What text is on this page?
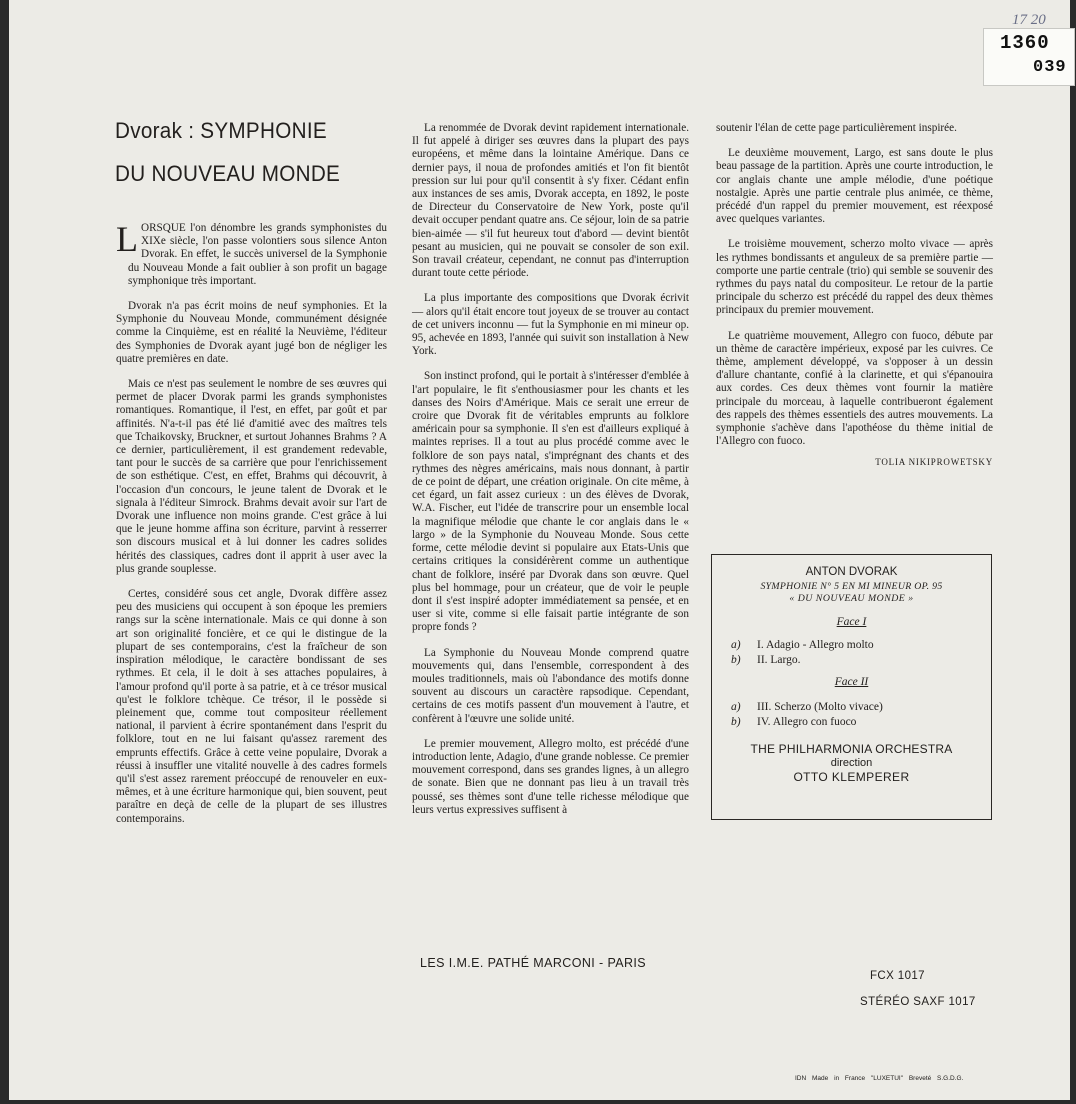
17 20
1360
039
Dvorak : SYMPHONIE
DU NOUVEAU MONDE

LORSQUE l'on dénombre les grands symphonistes du XIXe siècle, l'on passe volontiers sous silence Anton Dvorak. En effet, le succès universel de la Symphonie du Nouveau Monde a fait oublier à son profit un bagage symphonique très important.

Dvorak n'a pas écrit moins de neuf symphonies. Et la Symphonie du Nouveau Monde, communément désignée comme la Cinquième, est en réalité la Neuvième, l'éditeur des Symphonies de Dvorak ayant jugé bon de négliger les quatre premières en date.

Mais ce n'est pas seulement le nombre de ses œuvres qui permet de placer Dvorak parmi les grands symphonistes romantiques. Romantique, il l'est, en effet, par goût et par affinités. N'a-t-il pas été lié d'amitié avec des maîtres tels que Tchaikovsky, Bruckner, et surtout Johannes Brahms ? A ce dernier, particulièrement, il est grandement redevable, tant pour le succès de sa carrière que pour l'enrichissement de son esthétique. C'est, en effet, Brahms qui découvrit, à l'occasion d'un concours, le jeune talent de Dvorak et le signala à l'éditeur Simrock. Brahms devait avoir sur l'art de Dvorak une influence non moins grande. C'est grâce à lui que le jeune homme affina son écriture, parvint à resserrer son discours musical et à lui donner les cadres solides hérités des classiques, cadres dont il apprit à user avec la plus grande souplesse.

Certes, considéré sous cet angle, Dvorak diffère assez peu des musiciens qui occupent à son époque les premiers rangs sur la scène internationale. Mais ce qui donne à son art son originalité foncière, et ce qui le distingue de la plupart de ses contemporains, c'est la fraîcheur de son inspiration mélodique, le caractère bondissant de ses rythmes. Et cela, il le doit à ses attaches populaires, à l'amour profond qu'il porte à sa patrie, et à ce trésor musical qu'est le folklore tchèque. Ce trésor, il le possède si pleinement que, comme tout compositeur réellement national, il parvient à écrire spontanément dans l'esprit du folklore, tout en ne lui faisant qu'assez rarement des emprunts effectifs. Grâce à cette veine populaire, Dvorak a réussi à insuffler une vitalité nouvelle à des cadres formels qu'il s'est assez rarement préoccupé de renouveler en eux-mêmes, et à une écriture harmonique qui, bien souvent, peut paraître en deçà de celle de la plupart de ses illustres contemporains.

La renommée de Dvorak devint rapidement internationale. Il fut appelé à diriger ses œuvres dans la plupart des pays européens, et même dans la lointaine Amérique. Dans ce dernier pays, il noua de profondes amitiés et l'on fit bientôt pression sur lui pour qu'il consentit à s'y fixer. Cédant enfin aux instances de ses amis, Dvorak accepta, en 1892, le poste de Directeur du Conservatoire de New York, poste qu'il devait occuper pendant quatre ans. Ce séjour, loin de sa patrie bien-aimée — s'il fut heureux tout d'abord — devint bientôt pesant au musicien, qui ne pouvait se consoler de son exil. Son travail créateur, cependant, ne connut pas d'interruption durant toute cette période.

La plus importante des compositions que Dvorak écrivit — alors qu'il était encore tout joyeux de se trouver au contact de cet univers inconnu — fut la Symphonie en mi mineur op. 95, achevée en 1893, l'année qui suivit son installation à New York.

Son instinct profond, qui le portait à s'intéresser d'emblée à l'art populaire, le fit s'enthousiasmer pour les chants et les danses des Noirs d'Amérique. Mais ce serait une erreur de croire que Dvorak fit de véritables emprunts au folklore américain pour sa symphonie. Il s'en est d'ailleurs expliqué à maintes reprises. Il a tout au plus procédé comme avec le folklore de son pays natal, s'imprégnant des chants et des rythmes des nègres américains, mais nous donnant, à partir de ce point de départ, une création originale. On cite même, à cet égard, un fait assez curieux : un des élèves de Dvorak, W.A. Fischer, eut l'idée de transcrire pour un ensemble local la magnifique mélodie que chante le cor anglais dans le « largo » de la Symphonie du Nouveau Monde. Sous cette forme, cette mélodie devint si populaire aux Etats-Unis que certains critiques la considérèrent comme un authentique chant de folklore, inséré par Dvorak dans son œuvre. Quel plus bel hommage, pour un créateur, que de voir le peuple dont il s'est inspiré adopter immédiatement sa pensée, et en user si vite, comme si elle faisait partie intégrante de son propre fonds ?

La Symphonie du Nouveau Monde comprend quatre mouvements qui, dans l'ensemble, correspondent à des moules traditionnels, mais où l'abondance des motifs donne souvent au discours un caractère rapsodique. Cependant, certains de ces motifs passent d'un mouvement à l'autre, et confèrent à l'œuvre une solide unité.

Le premier mouvement, Allegro molto, est précédé d'une introduction lente, Adagio, d'une grande noblesse. Ce premier mouvement correspond, dans ses grandes lignes, à un allegro de sonate. Bien que ne donnant pas lieu à un travail très poussé, ses thèmes sont d'une telle richesse mélodique que leurs vertus expressives suffisent à

soutenir l'élan de cette page particulièrement inspirée.

Le deuxième mouvement, Largo, est sans doute le plus beau passage de la partition. Après une courte introduction, le cor anglais chante une ample mélodie, d'une poétique nostalgie. Après une partie centrale plus animée, ce thème, précédé d'un rappel du premier mouvement, est réexposé avec quelques variantes.

Le troisième mouvement, scherzo molto vivace — après les rythmes bondissants et anguleux de sa première partie — comporte une partie centrale (trio) qui semble se souvenir des rythmes du pays natal du compositeur. Le retour de la partie principale du scherzo est précédé du rappel des deux thèmes principaux du premier mouvement.

Le quatrième mouvement, Allegro con fuoco, débute par un thème de caractère impérieux, exposé par les cuivres. Ce thème, amplement développé, va s'opposer à un dessin d'allure chantante, confié à la clarinette, et qui s'épanouira aux cordes. Ces deux thèmes vont fournir la matière principale du morceau, à laquelle contribueront également des rappels des thèmes essentiels des autres mouvements. La symphonie s'achève dans l'apothéose du thème initial de l'Allegro con fuoco.

TOLIA NIKIPROWETSKY
ANTON DVORAK
SYMPHONIE N° 5 EN MI MINEUR OP. 95
« DU NOUVEAU MONDE »
Face I
a) I. Adagio - Allegro molto
b) II. Largo.
Face II
a) III. Scherzo (Molto vivace)
b) IV. Allegro con fuoco
THE PHILHARMONIA ORCHESTRA
direction
OTTO KLEMPERER
LES I.M.E. PATHÉ MARCONI - PARIS
FCX 1017
STÉRÉO SAXF 1017
IDN Made in France "LUXETUI" Breveté S.G.D.G.
